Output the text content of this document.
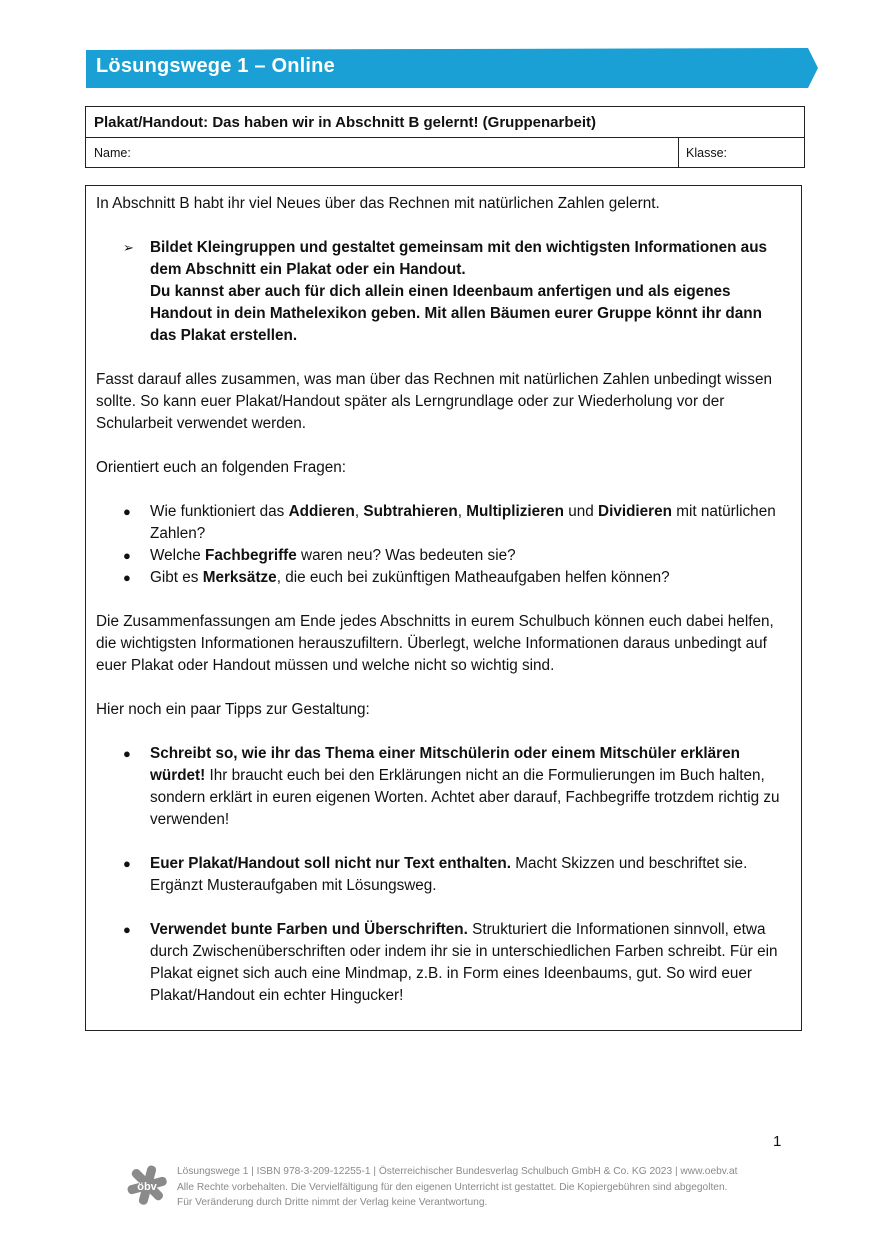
Lösungswege 1 – Online
Plakat/Handout: Das haben wir in Abschnitt B gelernt! (Gruppenarbeit)
Name:	Klasse:

In Abschnitt B habt ihr viel Neues über das Rechnen mit natürlichen Zahlen gelernt.

➢	Bildet Kleingruppen und gestaltet gemeinsam mit den wichtigsten Informationen aus dem Abschnitt ein Plakat oder ein Handout.

Du kannst aber auch für dich allein einen Ideenbaum anfertigen und als eigenes Handout in dein Mathelexikon geben. Mit allen Bäumen eurer Gruppe könnt ihr dann das Plakat erstellen.

Fasst darauf alles zusammen, was man über das Rechnen mit natürlichen Zahlen unbedingt wissen sollte. So kann euer Plakat/Handout später als Lerngrundlage oder zur Wiederholung vor der Schularbeit verwendet werden.

Orientiert euch an folgenden Fragen:

●	Wie funktioniert das Addieren, Subtrahieren, Multiplizieren und Dividieren mit natürlichen Zahlen?
●	Welche Fachbegriffe waren neu? Was bedeuten sie?
●	Gibt es Merksätze, die euch bei zukünftigen Matheaufgaben helfen können?

Die Zusammenfassungen am Ende jedes Abschnitts in eurem Schulbuch können euch dabei helfen, die wichtigsten Informationen herauszufiltern. Überlegt, welche Informationen daraus unbedingt auf euer Plakat oder Handout müssen und welche nicht so wichtig sind.

Hier noch ein paar Tipps zur Gestaltung:

●	Schreibt so, wie ihr das Thema einer Mitschülerin oder einem Mitschüler erklären würdet! Ihr braucht euch bei den Erklärungen nicht an die Formulierungen im Buch halten, sondern erklärt in euren eigenen Worten. Achtet aber darauf, Fachbegriffe trotzdem richtig zu verwenden!
●	Euer Plakat/Handout soll nicht nur Text enthalten. Macht Skizzen und beschriftet sie. Ergänzt Musteraufgaben mit Lösungsweg.
●	Verwendet bunte Farben und Überschriften. Strukturiert die Informationen sinnvoll, etwa durch Zwischenüberschriften oder indem ihr sie in unterschiedlichen Farben schreibt. Für ein Plakat eignet sich auch eine Mindmap, z.B. in Form eines Ideenbaums, gut. So wird euer Plakat/Handout ein echter Hingucker!
1
öbv
Lösungswege 1 | ISBN 978-3-209-12255-1 | Österreichischer Bundesverlag Schulbuch GmbH & Co. KG 2023 | www.oebv.at
Alle Rechte vorbehalten. Die Vervielfältigung für den eigenen Unterricht ist gestattet. Die Kopiergebühren sind abgegolten.
Für Veränderung durch Dritte nimmt der Verlag keine Verantwortung.
